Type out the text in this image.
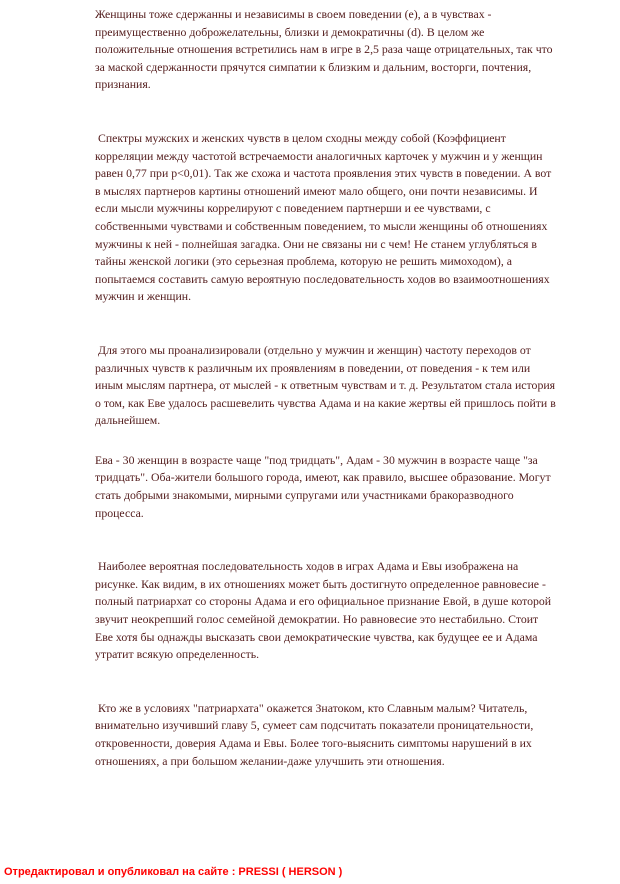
Женщины тоже сдержанны и независимы в своем поведении (е), а в чувствах - преимущественно доброжелательны, близки и демократичны (d). В целом же положительные отношения встретились нам в игре в 2,5 раза чаще отрицательных, так что за маской сдержанности прячутся симпатии к близким и дальним, восторги, почтения, признания.

Спектры мужских и женских чувств в целом сходны между собой (Коэффициент корреляции между частотой встречаемости аналогичных карточек у мужчин и у женщин равен 0,77 при p<0,01). Так же схожа и частота проявления этих чувств в поведении. А вот в мыслях партнеров картины отношений имеют мало общего, они почти независимы. И если мысли мужчины коррелируют с поведением партнерши и ее чувствами, с собственными чувствами и собственным поведением, то мысли женщины об отношениях мужчины к ней - полнейшая загадка. Они не связаны ни с чем! Не станем углубляться в тайны женской логики (это серьезная проблема, которую не решить мимоходом), а попытаемся составить самую вероятную последовательность ходов во взаимоотношениях мужчин и женщин.

Для этого мы проанализировали (отдельно у мужчин и женщин) частоту переходов от различных чувств к различным их проявлениям в поведении, от поведения - к тем или иным мыслям партнера, от мыслей - к ответным чувствам и т. д. Результатом стала история о том, как Еве удалось расшевелить чувства Адама и на какие жертвы ей пришлось пойти в дальнейшем.

Ева - 30 женщин в возрасте чаще "под тридцать", Адам - 30 мужчин в возрасте чаще "за тридцать". Оба-жители большого города, имеют, как правило, высшее образование. Могут стать добрыми знакомыми, мирными супругами или участниками бракоразводного процесса.

Наиболее вероятная последовательность ходов в играх Адама и Евы изображена на рисунке. Как видим, в их отношениях может быть достигнуто определенное равновесие - полный патриархат со стороны Адама и его официальное признание Евой, в душе которой звучит неокрепший голос семейной демократии. Но равновесие это нестабильно. Стоит Еве хотя бы однажды высказать свои демократические чувства, как будущее ее и Адама утратит всякую определенность.

Кто же в условиях "патриархата" окажется Знатоком, кто Славным малым? Читатель, внимательно изучивший главу 5, сумеет сам подсчитать показатели проницательности, откровенности, доверия Адама и Евы. Более того-выяснить симптомы нарушений в их отношениях, а при большом желании-даже улучшить эти отношения.

Отредактировал и опубликовал на сайте : PRESSI ( HERSON )
